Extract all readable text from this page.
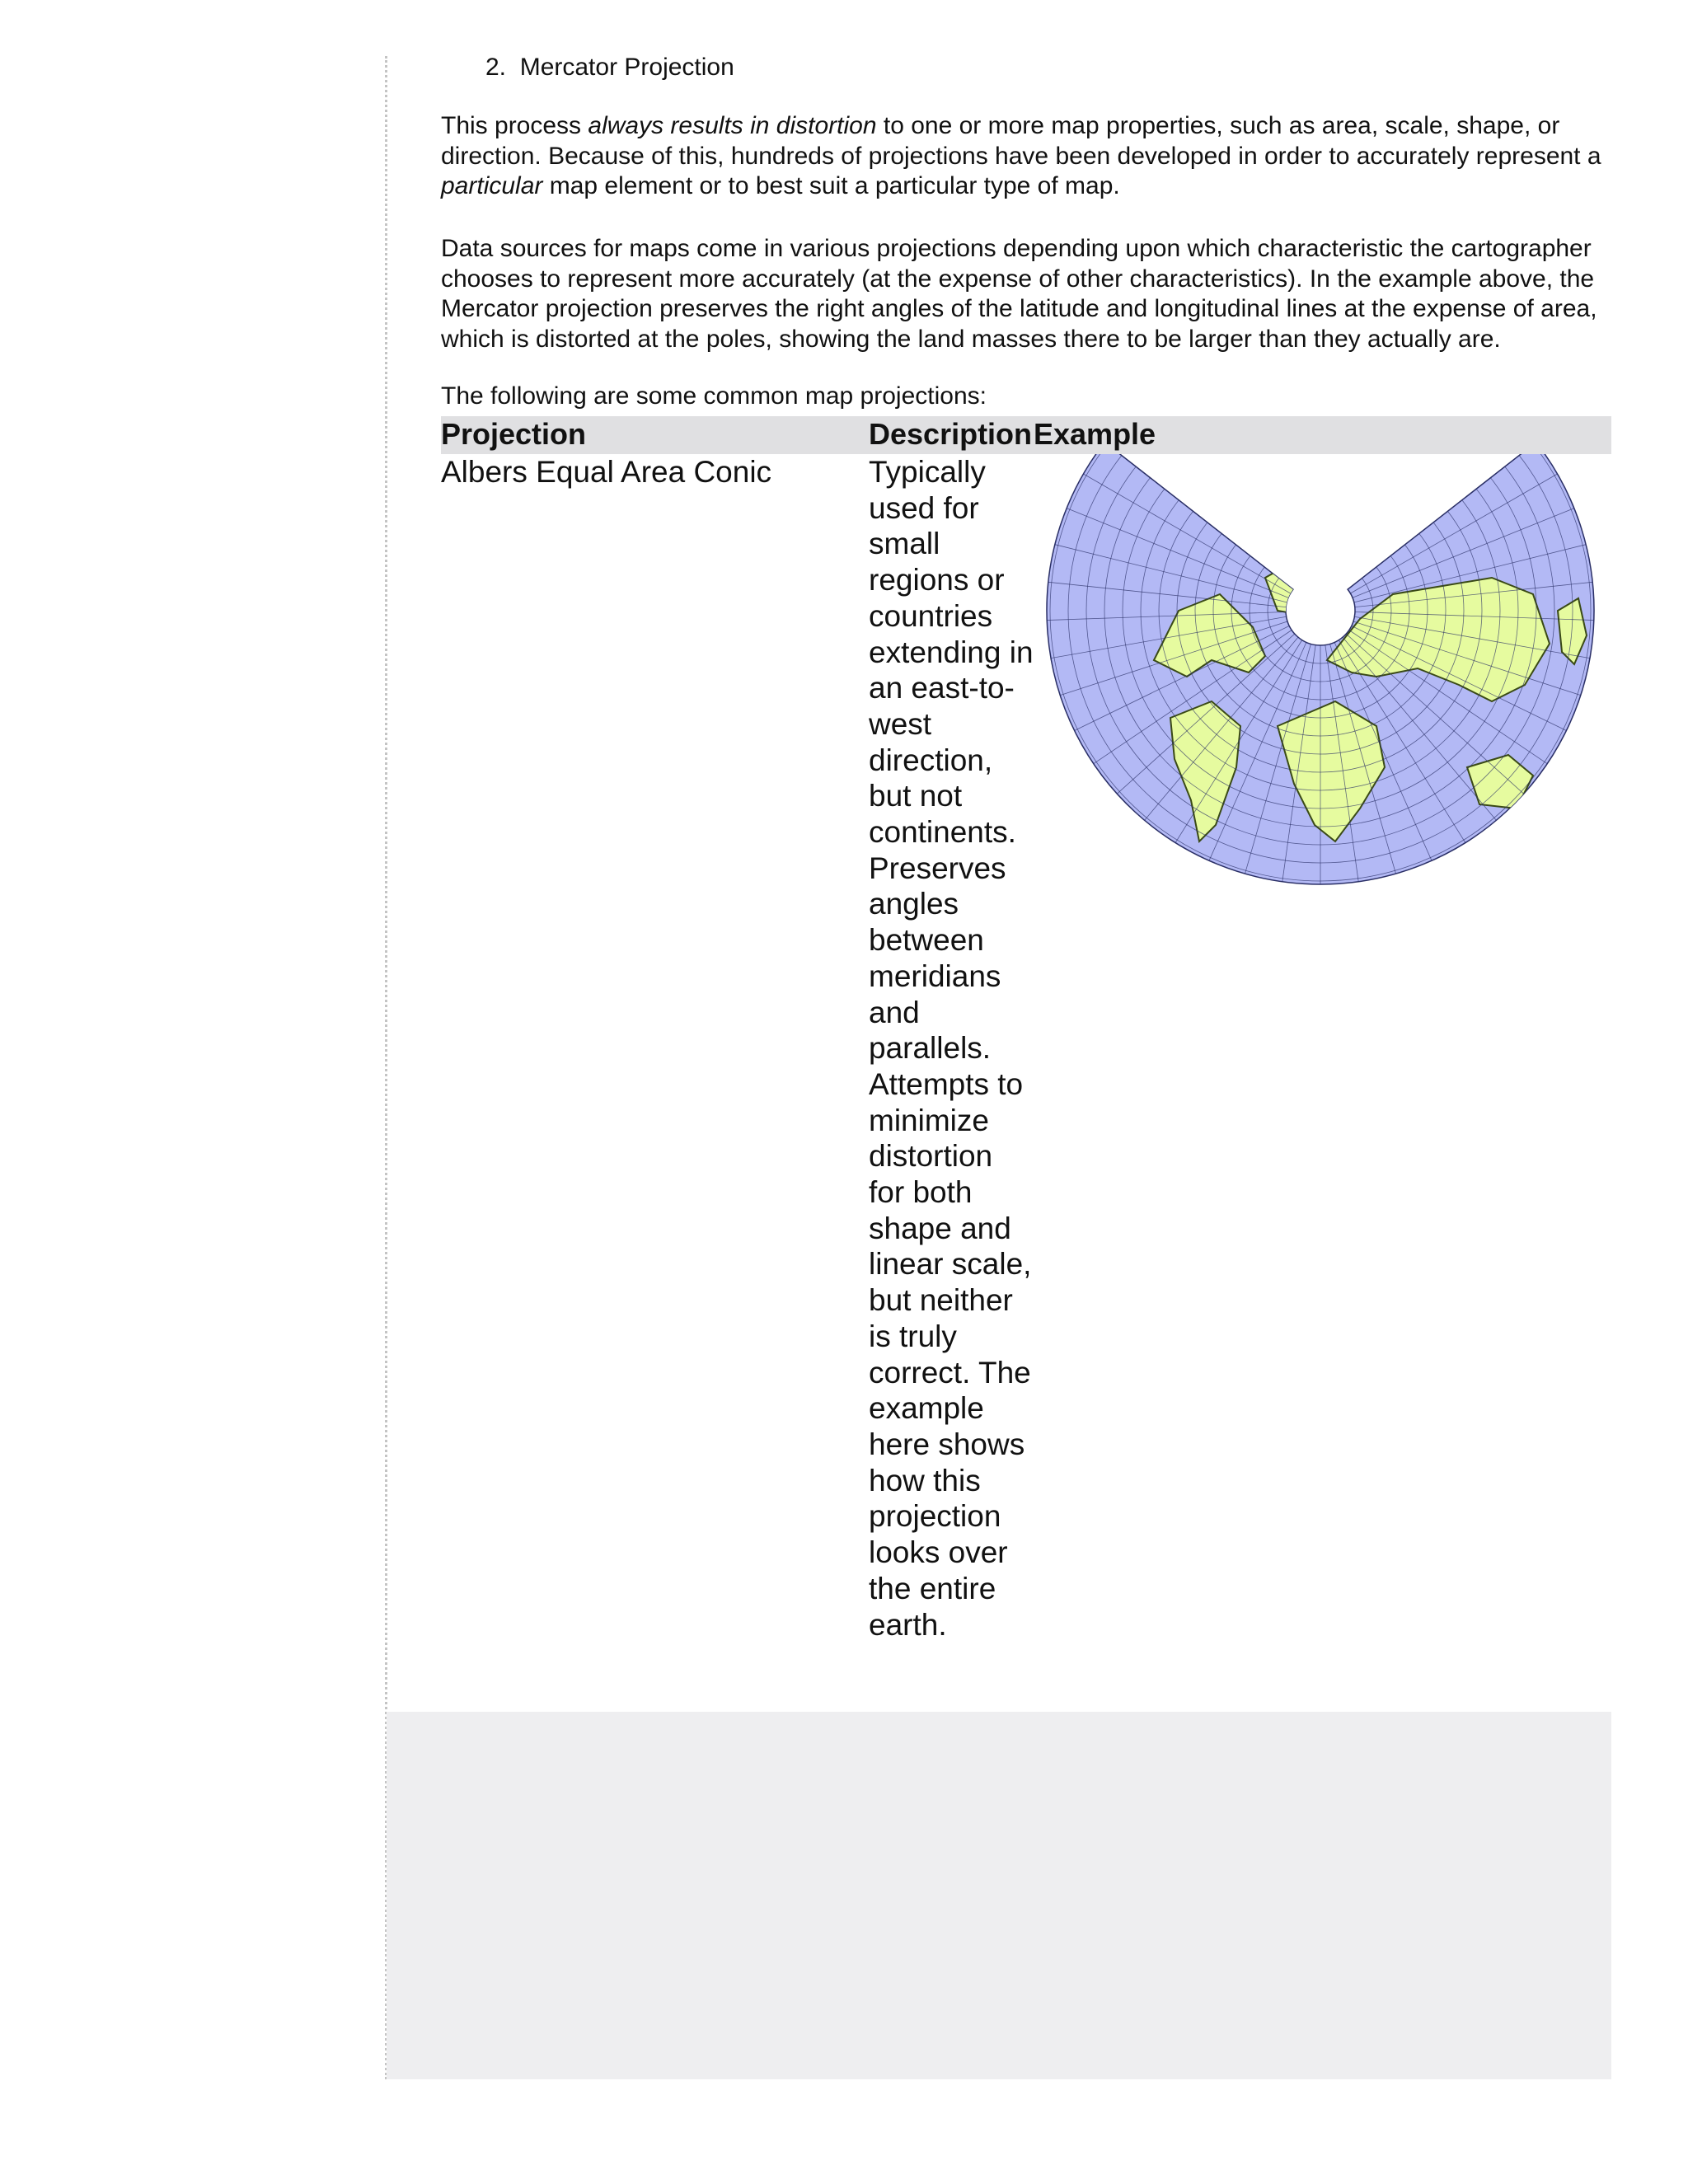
2. Mercator Projection

This process always results in distortion to one or more map properties, such as area, scale, shape, or direction. Because of this, hundreds of projections have been developed in order to accurately represent a particular map element or to best suit a particular type of map.

Data sources for maps come in various projections depending upon which characteristic the cartographer chooses to represent more accurately (at the expense of other characteristics). In the example above, the Mercator projection preserves the right angles of the latitude and longitudinal lines at the expense of area, which is distorted at the poles, showing the land masses there to be larger than they actually are.

The following are some common map projections:

Projection	Description Example
Albers Equal Area Conic	Typically used for small regions or countries extending in an east-to-west direction, but not continents. Preserves angles between meridians and parallels. Attempts to minimize distortion for both shape and linear scale, but neither is truly correct. The example here shows how this projection looks over the entire earth.
